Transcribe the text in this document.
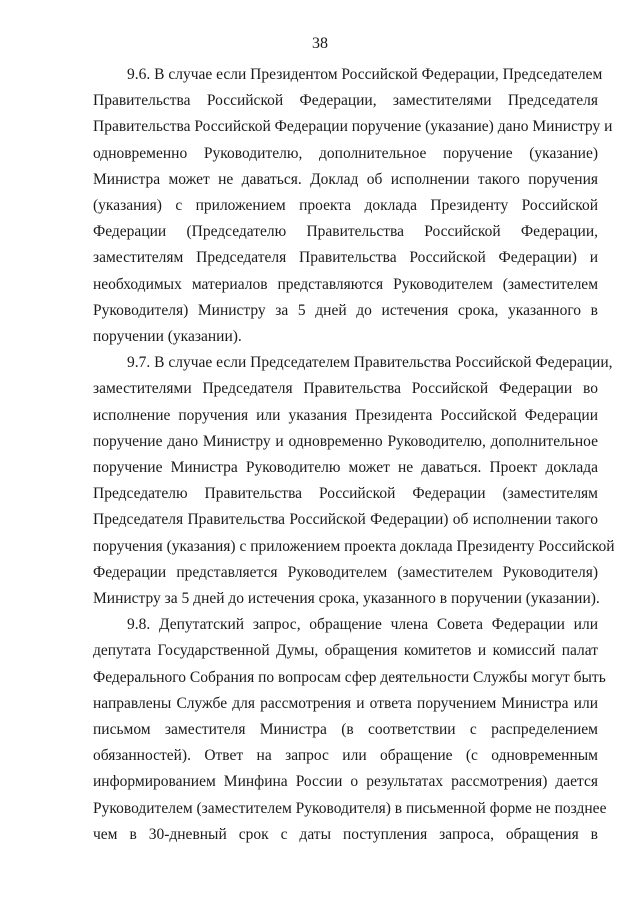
38

9.6. В случае если Президентом Российской Федерации, Председателем
Правительства Российской Федерации, заместителями Председателя
Правительства Российской Федерации поручение (указание) дано Министру и
одновременно Руководителю, дополнительное поручение (указание)
Министра может не даваться. Доклад об исполнении такого поручения
(указания) с приложением проекта доклада Президенту Российской
Федерации (Председателю Правительства Российской Федерации,
заместителям Председателя Правительства Российской Федерации) и
необходимых материалов представляются Руководителем (заместителем
Руководителя) Министру за 5 дней до истечения срока, указанного в
поручении (указании).

9.7. В случае если Председателем Правительства Российской Федерации,
заместителями Председателя Правительства Российской Федерации во
исполнение поручения или указания Президента Российской Федерации
поручение дано Министру и одновременно Руководителю, дополнительное
поручение Министра Руководителю может не даваться. Проект доклада
Председателю Правительства Российской Федерации (заместителям
Председателя Правительства Российской Федерации) об исполнении такого
поручения (указания) с приложением проекта доклада Президенту Российской
Федерации представляется Руководителем (заместителем Руководителя)
Министру за 5 дней до истечения срока, указанного в поручении (указании).

9.8. Депутатский запрос, обращение члена Совета Федерации или
депутата Государственной Думы, обращения комитетов и комиссий палат
Федерального Собрания по вопросам сфер деятельности Службы могут быть
направлены Службе для рассмотрения и ответа поручением Министра или
письмом заместителя Министра (в соответствии с распределением
обязанностей). Ответ на запрос или обращение (с одновременным
информированием Минфина России о результатах рассмотрения) дается
Руководителем (заместителем Руководителя) в письменной форме не позднее
чем в 30-дневный срок с даты поступления запроса, обращения в
